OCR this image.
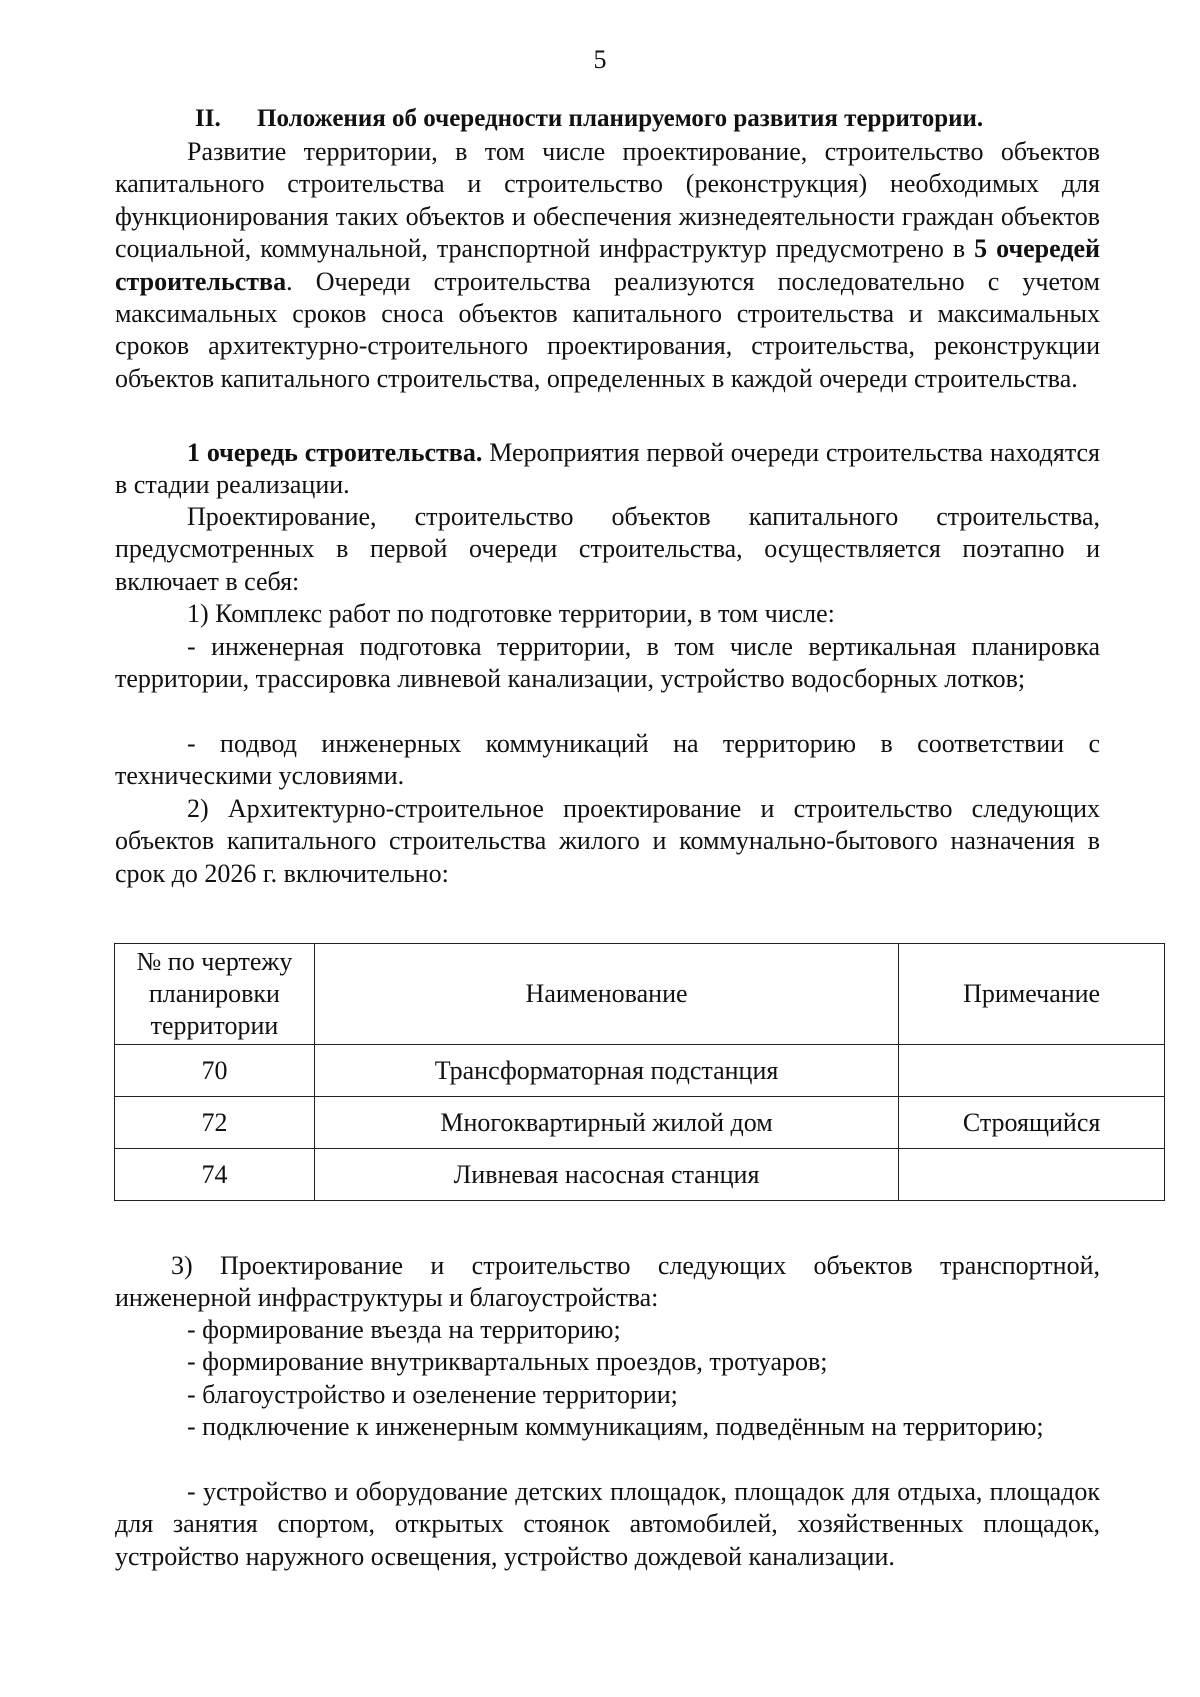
5
II. Положения об очередности планируемого развития территории.

Развитие территории, в том числе проектирование, строительство объектов капитального строительства и строительство (реконструкция) необходимых для функционирования таких объектов и обеспечения жизнедеятельности граждан объектов социальной, коммунальной, транспортной инфраструктур предусмотрено в 5 очередей строительства. Очереди строительства реализуются последовательно с учетом максимальных сроков сноса объектов капитального строительства и максимальных сроков архитектурно-строительного проектирования, строительства, реконструкции объектов капитального строительства, определенных в каждой очереди строительства.

1 очередь строительства. Мероприятия первой очереди строительства находятся в стадии реализации.

Проектирование, строительство объектов капитального строительства, предусмотренных в первой очереди строительства, осуществляется поэтапно и включает в себя:

1) Комплекс работ по подготовке территории, в том числе:

- инженерная подготовка территории, в том числе вертикальная планировка территории, трассировка ливневой канализации, устройство водосборных лотков;

- подвод инженерных коммуникаций на территорию в соответствии с техническими условиями.

2) Архитектурно-строительное проектирование и строительство следующих объектов капитального строительства жилого и коммунально-бытового назначения в срок до 2026 г. включительно:

№ по чертежу планировки территории	Наименование	Примечание
70	Трансформаторная подстанция	
72	Многоквартирный жилой дом	Строящийся
74	Ливневая насосная станция	

3) Проектирование и строительство следующих объектов транспортной, инженерной инфраструктуры и благоустройства:

- формирование въезда на территорию;

- формирование внутриквартальных проездов, тротуаров;

- благоустройство и озеленение территории;

- подключение к инженерным коммуникациям, подведённым на территорию;

- устройство и оборудование детских площадок, площадок для отдыха, площадок для занятия спортом, открытых стоянок автомобилей, хозяйственных площадок, устройство наружного освещения, устройство дождевой канализации.
